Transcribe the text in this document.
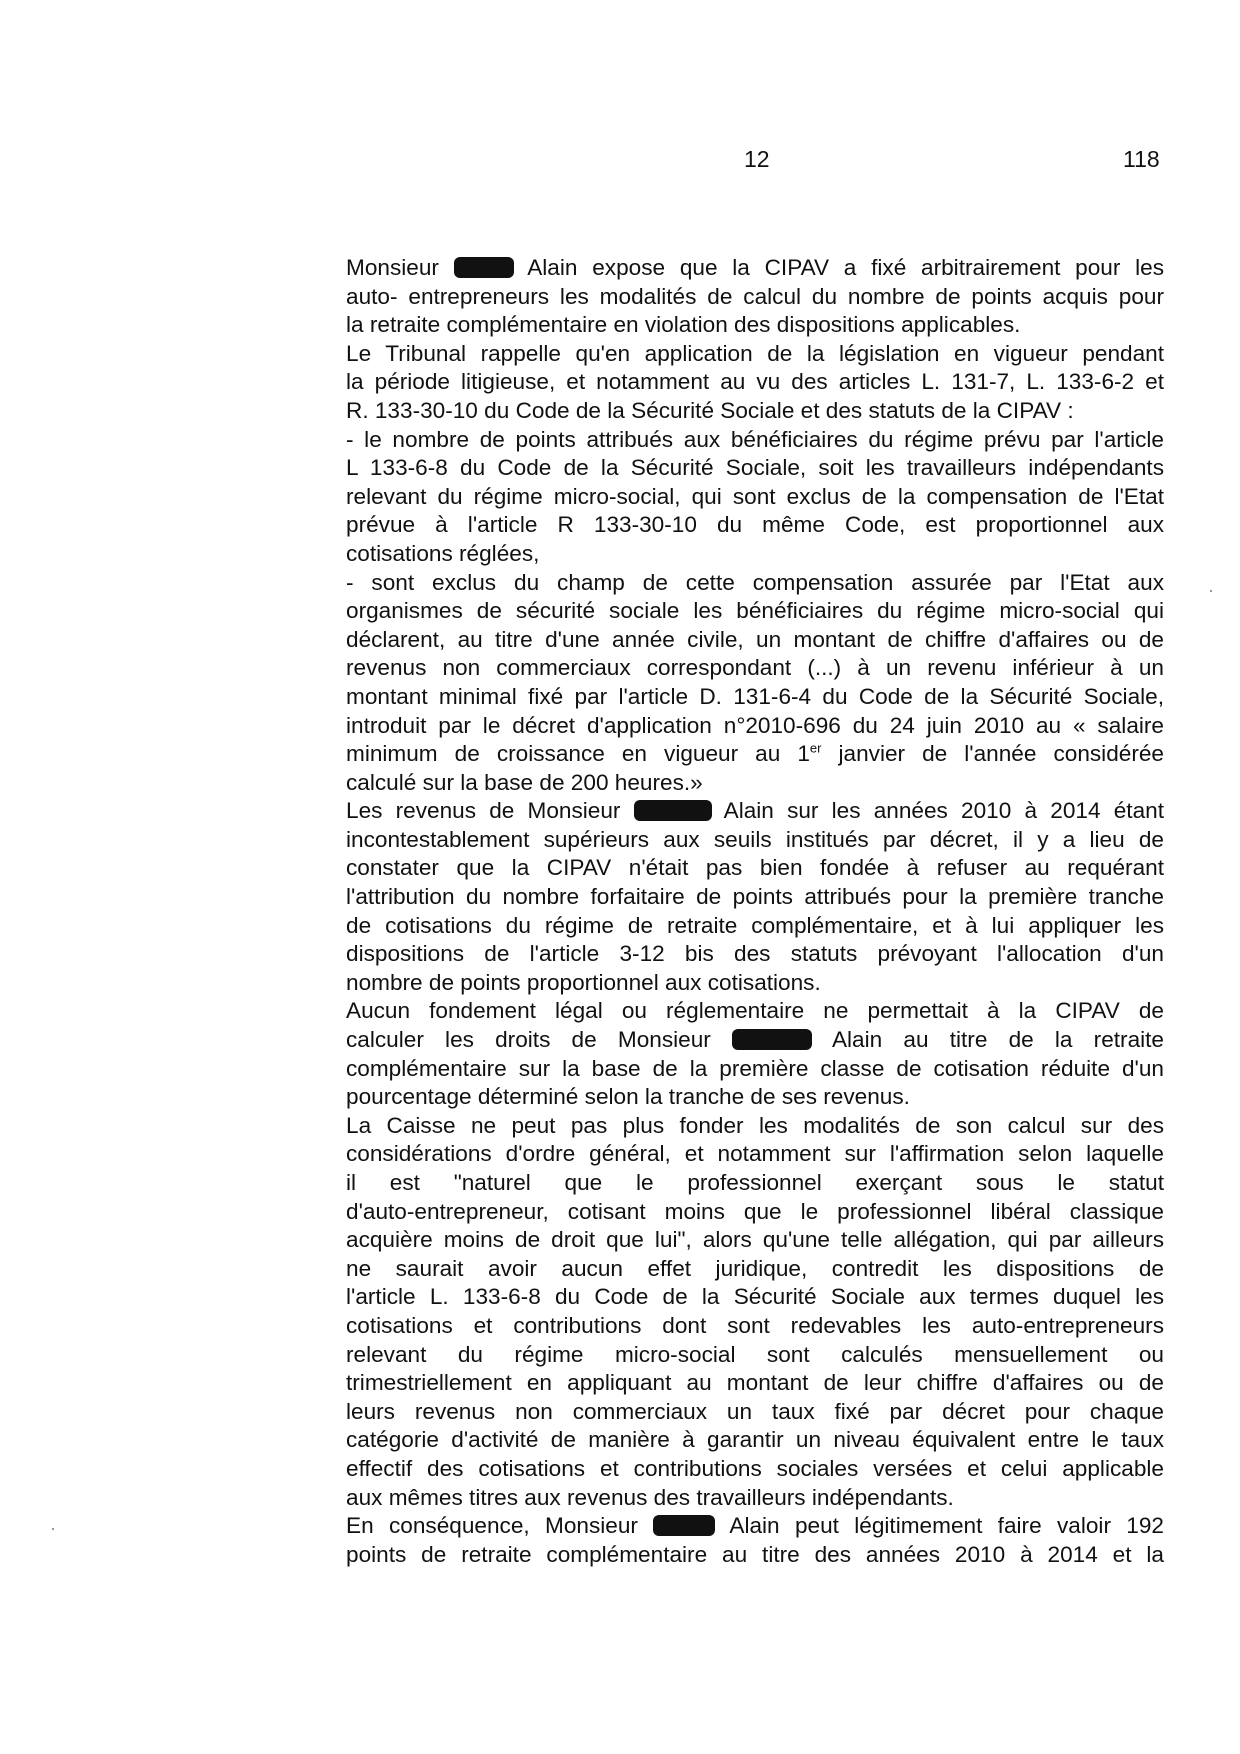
12	118
Monsieur	Alain expose que la CIPAV a fixé arbitrairement pour les
auto- entrepreneurs les modalités de calcul du nombre de points acquis pour
la retraite complémentaire en violation des dispositions applicables.
Le Tribunal rappelle qu'en application de la législation en vigueur pendant
la période litigieuse, et notamment au vu des articles L. 131-7, L. 133-6-2 et
R. 133-30-10 du Code de la Sécurité Sociale et des statuts de la CIPAV :
- le nombre de points attribués aux bénéficiaires du régime prévu par l'article
L 133-6-8 du Code de la Sécurité Sociale, soit les travailleurs indépendants
relevant du régime micro-social, qui sont exclus de la compensation de l'Etat
prévue à l'article R 133-30-10 du même Code, est proportionnel aux
cotisations réglées,
- sont exclus du champ de cette compensation assurée par l'Etat aux
organismes de sécurité sociale les bénéficiaires du régime micro-social qui
déclarent, au titre d'une année civile, un montant de chiffre d'affaires ou de
revenus non commerciaux correspondant (...) à un revenu inférieur à un
montant minimal fixé par l'article D. 131-6-4 du Code de la Sécurité Sociale,
introduit par le décret d'application n°2010-696 du 24 juin 2010 au « salaire
minimum de croissance en vigueur au 1er janvier de l'année considérée
calculé sur la base de 200 heures.»
Les revenus de Monsieur	Alain sur les années 2010 à 2014 étant
incontestablement supérieurs aux seuils institués par décret, il y a lieu de
constater que la CIPAV n'était pas bien fondée à refuser au requérant
l'attribution du nombre forfaitaire de points attribués pour la première tranche
de cotisations du régime de retraite complémentaire, et à lui appliquer les
dispositions de l'article 3-12 bis des statuts prévoyant l'allocation d'un
nombre de points proportionnel aux cotisations.
Aucun fondement légal ou réglementaire ne permettait à la CIPAV de
calculer les droits de Monsieur	Alain au titre de la retraite
complémentaire sur la base de la première classe de cotisation réduite d'un
pourcentage déterminé selon la tranche de ses revenus.
La Caisse ne peut pas plus fonder les modalités de son calcul sur des
considérations d'ordre général, et notamment sur l'affirmation selon laquelle
il est "naturel que le professionnel exerçant sous le statut
d'auto-entrepreneur, cotisant moins que le professionnel libéral classique
acquière moins de droit que lui", alors qu'une telle allégation, qui par ailleurs
ne saurait avoir aucun effet juridique, contredit les dispositions de
l'article L. 133-6-8 du Code de la Sécurité Sociale aux termes duquel les
cotisations et contributions dont sont redevables les auto-entrepreneurs
relevant du régime micro-social sont calculés mensuellement ou
trimestriellement en appliquant au montant de leur chiffre d'affaires ou de
leurs revenus non commerciaux un taux fixé par décret pour chaque
catégorie d'activité de manière à garantir un niveau équivalent entre le taux
effectif des cotisations et contributions sociales versées et celui applicable
aux mêmes titres aux revenus des travailleurs indépendants.
En conséquence, Monsieur	Alain peut légitimement faire valoir 192
points de retraite complémentaire au titre des années 2010 à 2014 et la
